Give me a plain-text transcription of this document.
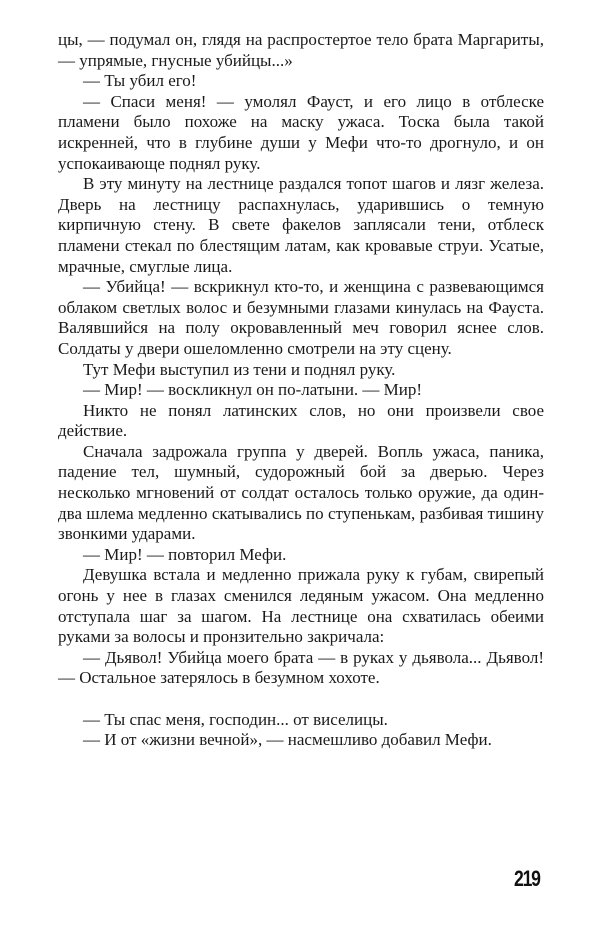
цы, — подумал он, глядя на распростертое тело брата Маргариты, — упрямые, гнусные убийцы...»

— Ты убил его!

— Спаси меня! — умолял Фауст, и его лицо в отблеске пламени было похоже на маску ужаса. Тоска была такой искренней, что в глубине души у Мефи что-то дрогнуло, и он успокаивающе поднял руку.

В эту минуту на лестнице раздался топот шагов и лязг железа. Дверь на лестницу распахнулась, ударившись о темную кирпичную стену. В свете факелов заплясали тени, отблеск пламени стекал по блестящим латам, как кровавые струи. Усатые, мрачные, смуглые лица.

— Убийца! — вскрикнул кто-то, и женщина с развевающимся облаком светлых волос и безумными глазами кинулась на Фауста. Валявшийся на полу окровавленный меч говорил яснее слов. Солдаты у двери ошеломленно смотрели на эту сцену.

Тут Мефи выступил из тени и поднял руку.

— Мир! — воскликнул он по-латыни. — Мир!

Никто не понял латинских слов, но они произвели свое действие.

Сначала задрожала группа у дверей. Вопль ужаса, паника, падение тел, шумный, судорожный бой за дверью. Через несколько мгновений от солдат осталось только оружие, да один-два шлема медленно скатывались по ступенькам, разбивая тишину звонкими ударами.

— Мир! — повторил Мефи.

Девушка встала и медленно прижала руку к губам, свирепый огонь у нее в глазах сменился ледяным ужасом. Она медленно отступала шаг за шагом. На лестнице она схватилась обеими руками за волосы и пронзительно закричала:

— Дьявол! Убийца моего брата — в руках у дьявола... Дьявол! — Остальное затерялось в безумном хохоте.

— Ты спас меня, господин... от виселицы.

— И от «жизни вечной», — насмешливо добавил Мефи.

219
